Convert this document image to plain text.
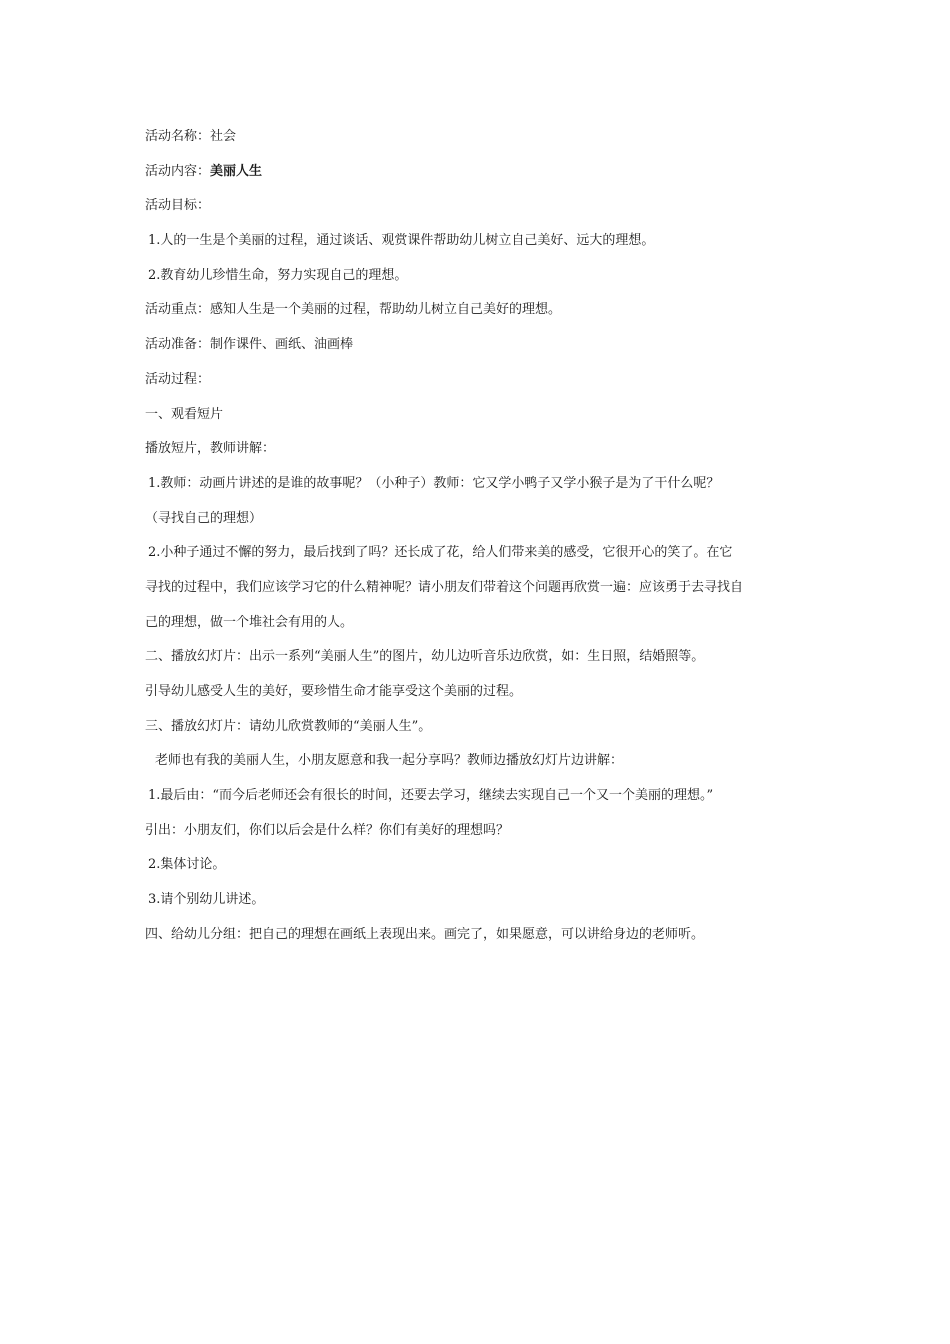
活动名称：社会
活动内容：美丽人生
活动目标：
1.人的一生是个美丽的过程，通过谈话、观赏课件帮助幼儿树立自己美好、远大的理想。
2.教育幼儿珍惜生命，努力实现自己的理想。
活动重点：感知人生是一个美丽的过程，帮助幼儿树立自己美好的理想。
活动准备：制作课件、画纸、油画棒
活动过程：
一、观看短片
播放短片，教师讲解：
1.教师：动画片讲述的是谁的故事呢？（小种子）教师：它又学小鸭子又学小猴子是为了干什么呢？
（寻找自己的理想）
2.小种子通过不懈的努力，最后找到了吗？还长成了花，给人们带来美的感受，它很开心的笑了。在它
寻找的过程中，我们应该学习它的什么精神呢？请小朋友们带着这个问题再欣赏一遍：应该勇于去寻找自
己的理想，做一个堆社会有用的人。
二、播放幻灯片：出示一系列“美丽人生”的图片，幼儿边听音乐边欣赏，如：生日照，结婚照等。
引导幼儿感受人生的美好，要珍惜生命才能享受这个美丽的过程。
三、播放幻灯片：请幼儿欣赏教师的“美丽人生”。
老师也有我的美丽人生，小朋友愿意和我一起分享吗？教师边播放幻灯片边讲解：
1.最后由：“而今后老师还会有很长的时间，还要去学习，继续去实现自己一个又一个美丽的理想。”
引出：小朋友们，你们以后会是什么样？你们有美好的理想吗？
2.集体讨论。
3.请个别幼儿讲述。
四、给幼儿分组：把自己的理想在画纸上表现出来。画完了，如果愿意，可以讲给身边的老师听。
